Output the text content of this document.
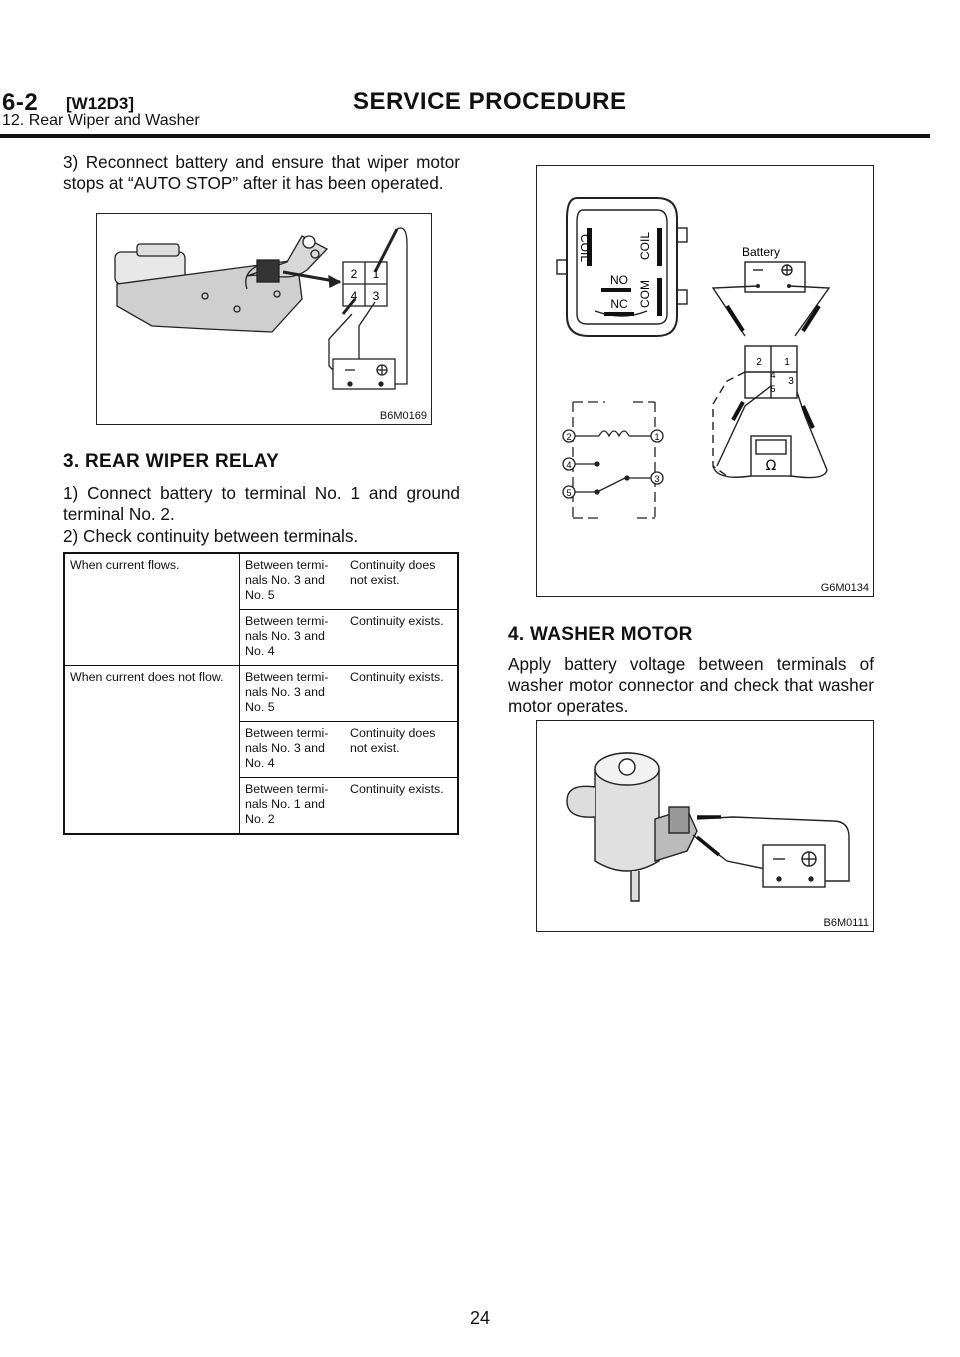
6-2 [W12D3]	SERVICE PROCEDURE
12. Rear Wiper and Washer
3) Reconnect battery and ensure that wiper motor stops at “AUTO STOP” after it has been operated.
2 1
4 3
B6M0169
3. REAR WIPER RELAY
1) Connect battery to terminal No. 1 and ground terminal No. 2.
2) Check continuity between terminals.
When current flows.	Between termi-nals No. 3 and No. 5	Continuity does not exist.
	Between termi-nals No. 3 and No. 4	Continuity exists.
When current does not flow.	Between termi-nals No. 3 and No. 5	Continuity exists.
	Between termi-nals No. 3 and No. 4	Continuity does not exist.
	Between termi-nals No. 1 and No. 2	Continuity exists.
COIL
NO
NC COM
COIL	Battery
2 1
4
3
5
Ω
2	1
4
5
3
G6M0134
4. WASHER MOTOR
Apply battery voltage between terminals of washer motor connector and check that washer motor operates.
B6M0111
24
